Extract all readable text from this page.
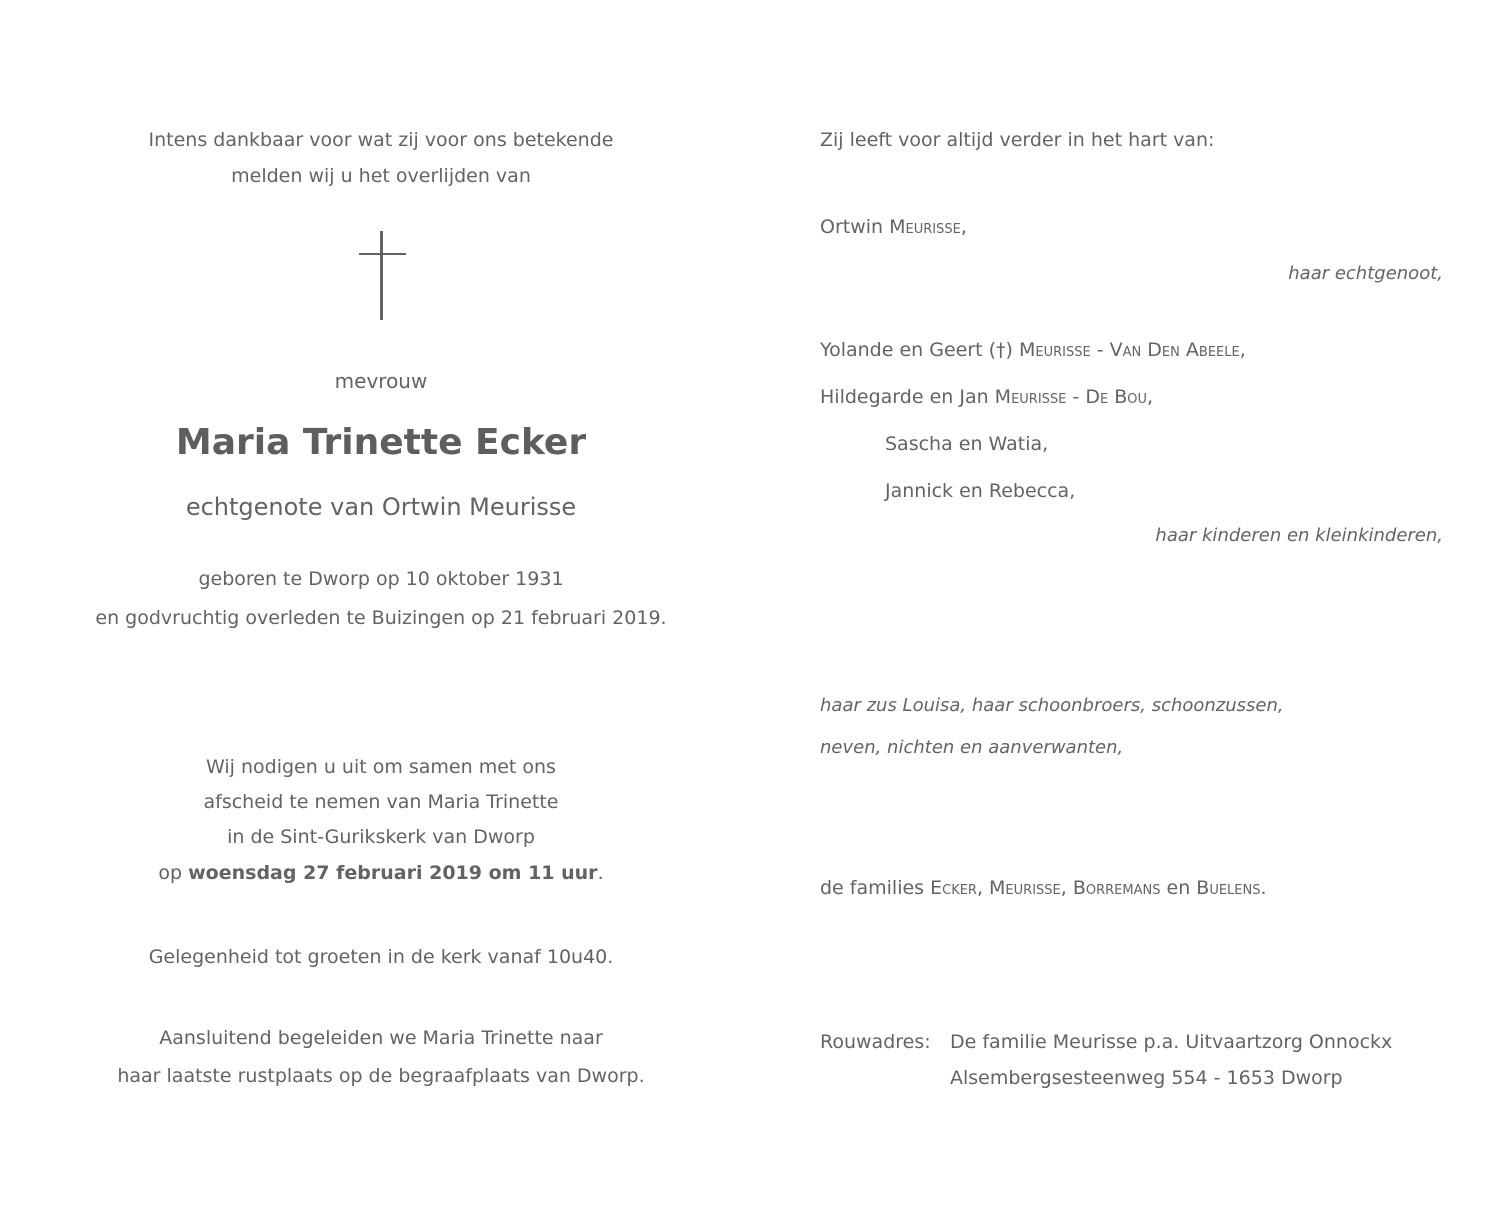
Intens dankbaar voor wat zij voor ons betekende
melden wij u het overlijden van
mevrouw
Maria Trinette Ecker
echtgenote van Ortwin Meurisse
geboren te Dworp op 10 oktober 1931
en godvruchtig overleden te Buizingen op 21 februari 2019.
Wij nodigen u uit om samen met ons
afscheid te nemen van Maria Trinette
in de Sint-Gurikskerk van Dworp
op woensdag 27 februari 2019 om 11 uur.
Gelegenheid tot groeten in de kerk vanaf 10u40.
Aansluitend begeleiden we Maria Trinette naar
haar laatste rustplaats op de begraafplaats van Dworp.
Zij leeft voor altijd verder in het hart van:
Ortwin Meurisse,
haar echtgenoot,
Yolande en Geert (†) Meurisse - Van Den Abeele,
Hildegarde en Jan Meurisse - De Bou,
Sascha en Watia,
Jannick en Rebecca,
haar kinderen en kleinkinderen,
haar zus Louisa, haar schoonbroers, schoonzussen,
neven, nichten en aanverwanten,
de families Ecker, Meurisse, Borremans en Buelens.
Rouwadres: De familie Meurisse p.a. Uitvaartzorg Onnockx
Alsembergsesteenweg 554 - 1653 Dworp
